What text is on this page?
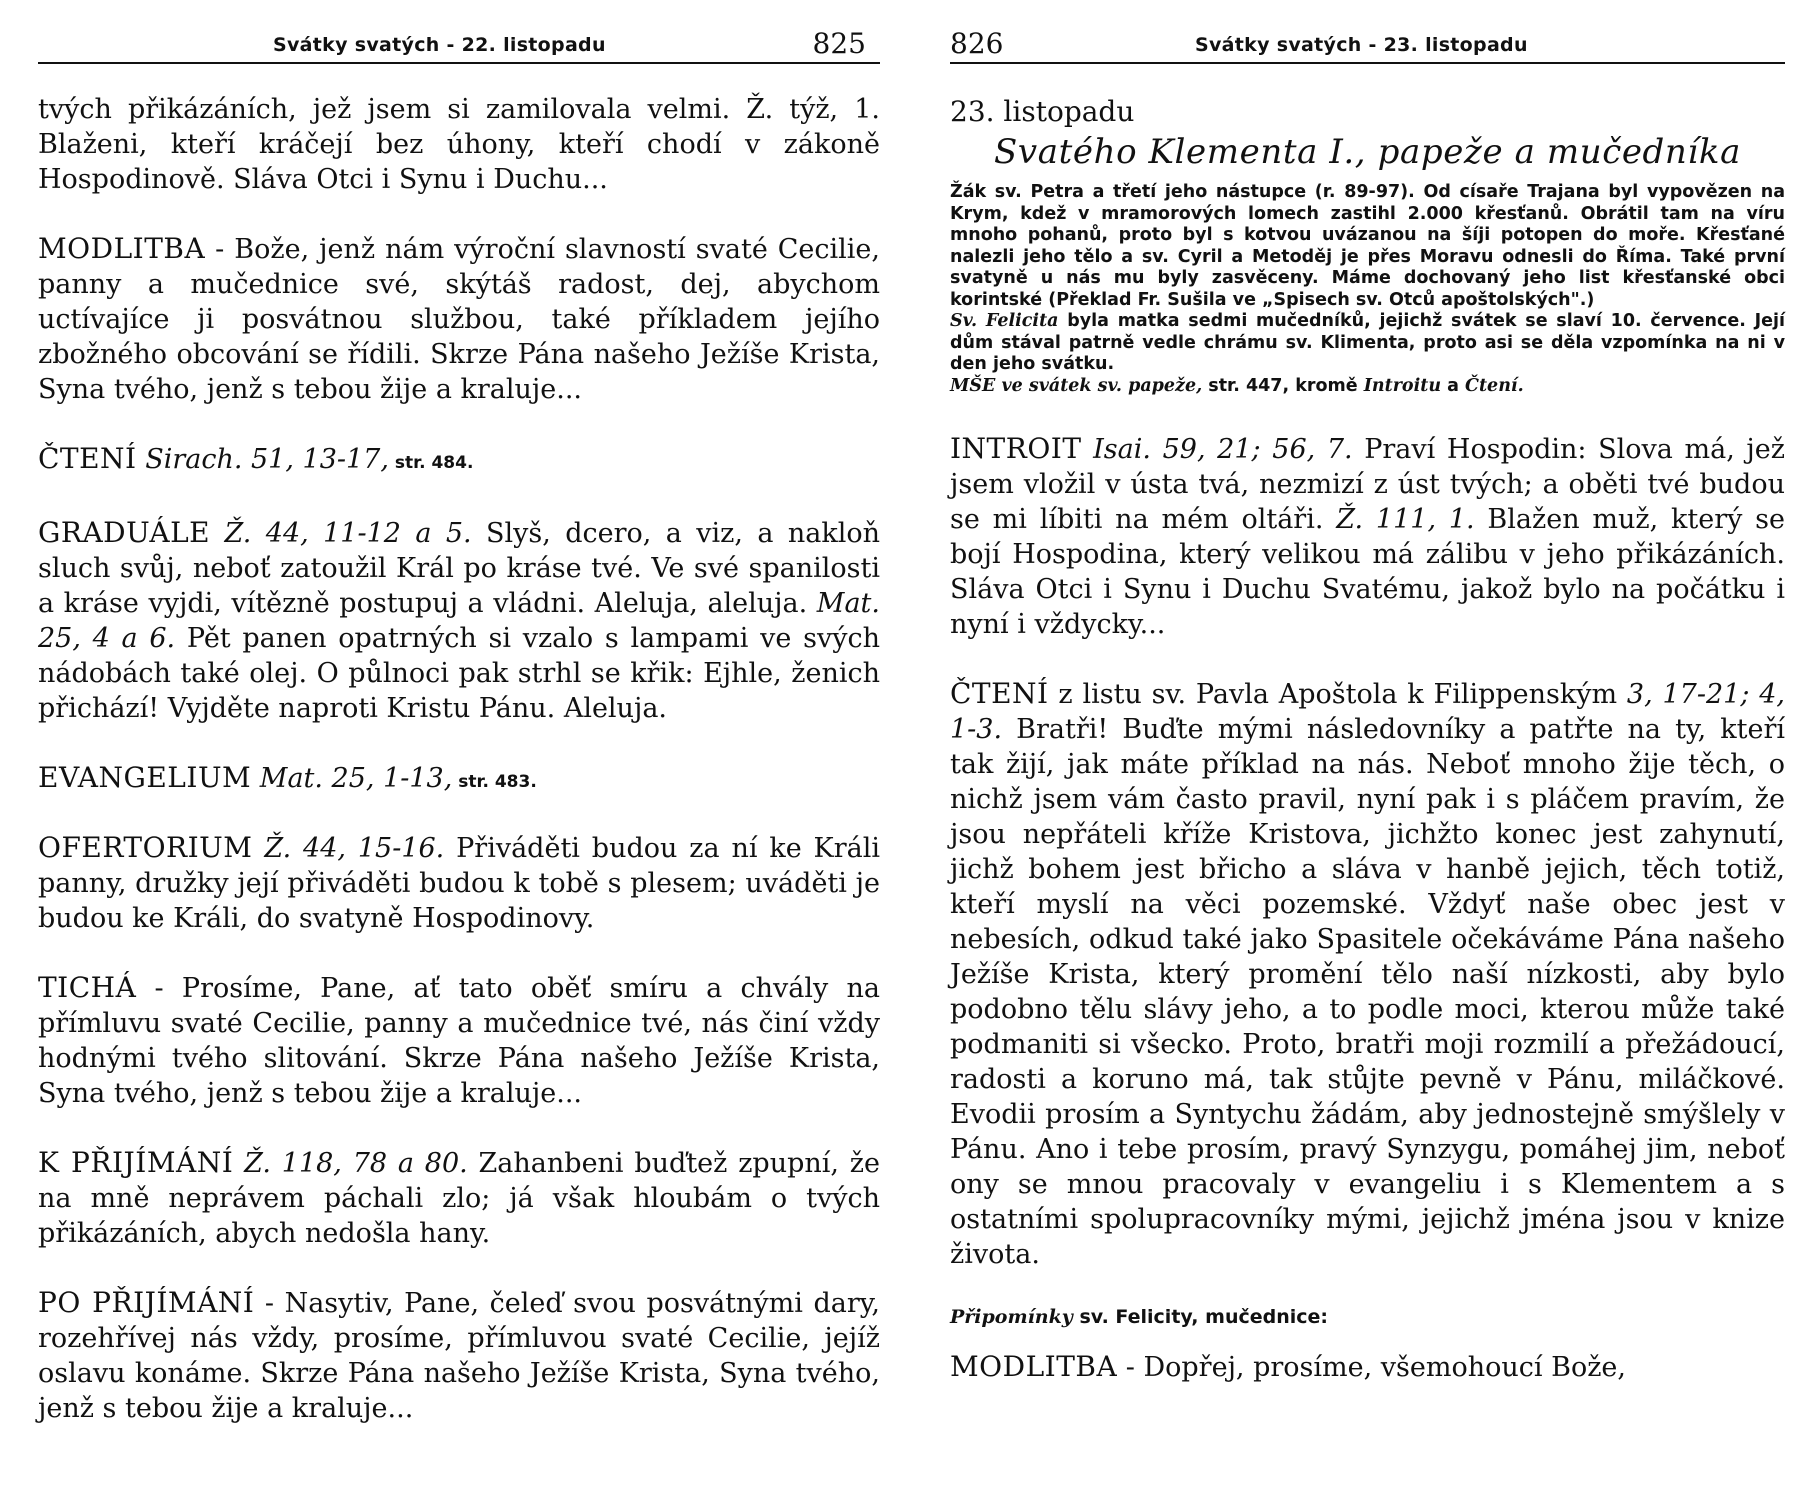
Svátky svatých - 22. listopadu	825

tvých přikázáních, jež jsem si zamilovala velmi. Ž. týž, 1. Blaženi, kteří kráčejí bez úhony, kteří chodí v zákoně Hospodinově. Sláva Otci i Synu i Duchu...

MODLITBA - Bože, jenž nám výroční slavností svaté Cecilie, panny a mučednice své, skýtáš radost, dej, abychom uctívajíce ji posvátnou službou, také příkladem jejího zbožného obcování se řídili. Skrze Pána našeho Ježíše Krista, Syna tvého, jenž s tebou žije a kraluje...

ČTENÍ Sirach. 51, 13-17, str. 484.

GRADUÁLE Ž. 44, 11-12 a 5. Slyš, dcero, a viz, a nakloň sluch svůj, neboť zatoužil Král po kráse tvé. Ve své spanilosti a kráse vyjdi, vítězně postupuj a vládni. Aleluja, aleluja. Mat. 25, 4 a 6. Pět panen opatrných si vzalo s lampami ve svých nádobách také olej. O půlnoci pak strhl se křik: Ejhle, ženich přichází! Vyjděte naproti Kristu Pánu. Aleluja.

EVANGELIUM Mat. 25, 1-13, str. 483.

OFERTORIUM Ž. 44, 15-16. Přiváděti budou za ní ke Králi panny, družky její přiváděti budou k tobě s plesem; uváděti je budou ke Králi, do svatyně Hospodinovy.

TICHÁ - Prosíme, Pane, ať tato oběť smíru a chvály na přímluvu svaté Cecilie, panny a mučednice tvé, nás činí vždy hodnými tvého slitování. Skrze Pána našeho Ježíše Krista, Syna tvého, jenž s tebou žije a kraluje...

K PŘIJÍMÁNÍ Ž. 118, 78 a 80. Zahanbeni buďtež zpupní, že na mně neprávem páchali zlo; já však hloubám o tvých přikázáních, abych nedošla hany.

PO PŘIJÍMÁNÍ - Nasytiv, Pane, čeleď svou posvátnými dary, rozehřívej nás vždy, prosíme, přímluvou svaté Cecilie, jejíž oslavu konáme. Skrze Pána našeho Ježíše Krista, Syna tvého, jenž s tebou žije a kraluje...

826	Svátky svatých - 23. listopadu

23. listopadu

Svatého Klementa I., papeže a mučedníka

Žák sv. Petra a třetí jeho nástupce (r. 89-97). Od císaře Trajana byl vypovězen na Krym, kdež v mramorových lomech zastihl 2.000 křesťanů. Obrátil tam na víru mnoho pohanů, proto byl s kotvou uvázanou na šíji potopen do moře. Křesťané nalezli jeho tělo a sv. Cyril a Metoděj je přes Moravu odnesli do Říma. Také první svatyně u nás mu byly zasvěceny. Máme dochovaný jeho list křesťanské obci korintské (Překlad Fr. Sušila ve „Spisech sv. Otců apoštolských".)

Sv. Felicita byla matka sedmi mučedníků, jejichž svátek se slaví 10. července. Její dům stával patrně vedle chrámu sv. Klimenta, proto asi se děla vzpomínka na ni v den jeho svátku.

MŠE ve svátek sv. papeže, str. 447, kromě Introitu a Čtení.

INTROIT Isai. 59, 21; 56, 7. Praví Hospodin: Slova má, jež jsem vložil v ústa tvá, nezmizí z úst tvých; a oběti tvé budou se mi líbiti na mém oltáři. Ž. 111, 1. Blažen muž, který se bojí Hospodina, který velikou má zálibu v jeho přikázáních. Sláva Otci i Synu i Duchu Svatému, jakož bylo na počátku i nyní i vždycky...

ČTENÍ z listu sv. Pavla Apoštola k Filippenským 3, 17-21; 4, 1-3. Bratři! Buďte mými následovníky a patřte na ty, kteří tak žijí, jak máte příklad na nás. Neboť mnoho žije těch, o nichž jsem vám často pravil, nyní pak i s pláčem pravím, že jsou nepřáteli kříže Kristova, jichžto konec jest zahynutí, jichž bohem jest břicho a sláva v hanbě jejich, těch totiž, kteří myslí na věci pozemské. Vždyť naše obec jest v nebesích, odkud také jako Spasitele očekáváme Pána našeho Ježíše Krista, který promění tělo naší nízkosti, aby bylo podobno tělu slávy jeho, a to podle moci, kterou může také podmaniti si všecko. Proto, bratři moji rozmilí a přežádoucí, radosti a koruno má, tak stůjte pevně v Pánu, miláčkové. Evodii prosím a Syntychu žádám, aby jednostejně smýšlely v Pánu. Ano i tebe prosím, pravý Synzygu, pomáhej jim, neboť ony se mnou pracovaly v evangeliu i s Klementem a s ostatními spolupracovníky mými, jejichž jména jsou v knize života.

Připomínky sv. Felicity, mučednice:

MODLITBA - Dopřej, prosíme, všemohoucí Bože,
